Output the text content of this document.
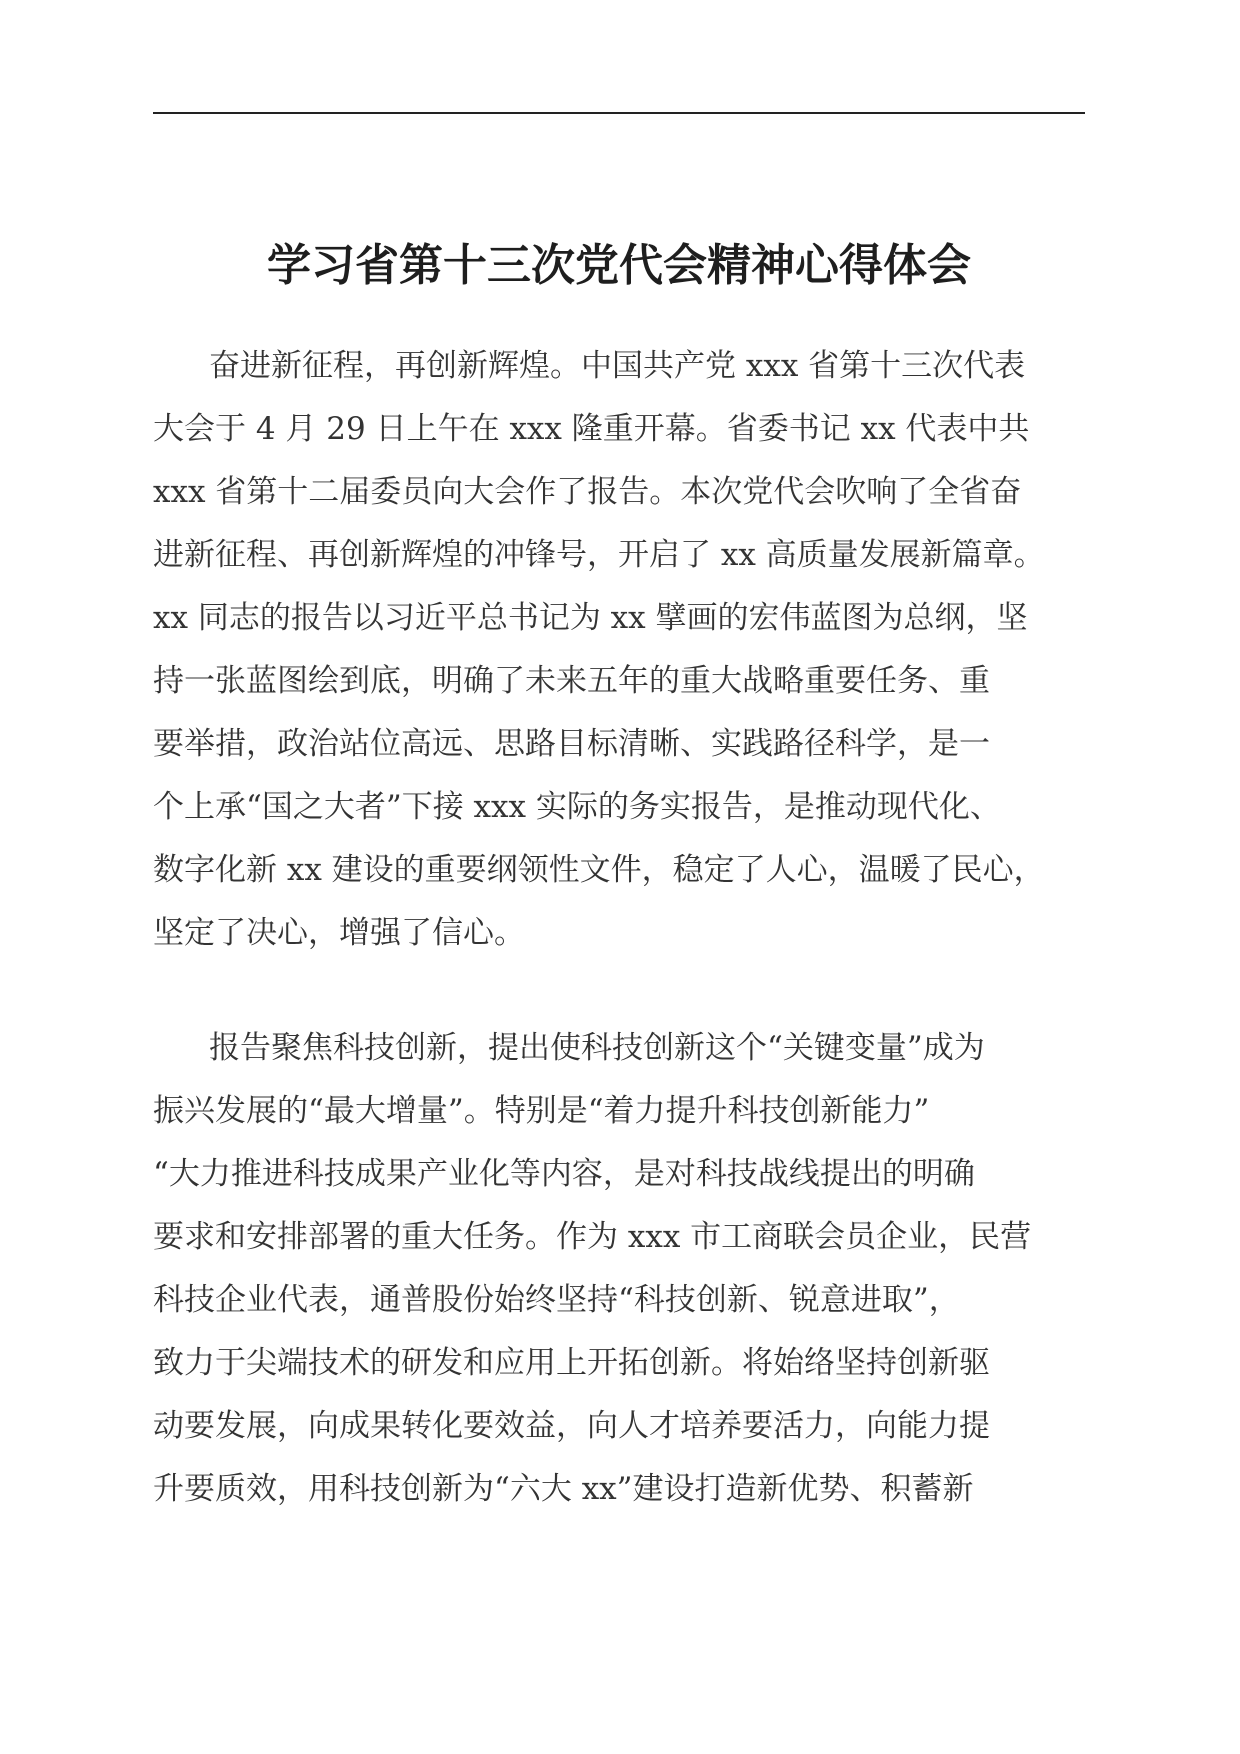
学习省第十三次党代会精神心得体会
奋进新征程，再创新辉煌。中国共产党 xxx 省第十三次代表
大会于 4 月 29 日上午在 xxx 隆重开幕。省委书记 xx 代表中共
xxx 省第十二届委员向大会作了报告。本次党代会吹响了全省奋
进新征程、再创新辉煌的冲锋号，开启了 xx 高质量发展新篇章。
xx 同志的报告以习近平总书记为 xx 擘画的宏伟蓝图为总纲，坚
持一张蓝图绘到底，明确了未来五年的重大战略重要任务、重
要举措，政治站位高远、思路目标清晰、实践路径科学，是一
个上承“国之大者”下接 xxx 实际的务实报告，是推动现代化、
数字化新 xx 建设的重要纲领性文件，稳定了人心，温暖了民心，
坚定了决心，增强了信心。
报告聚焦科技创新，提出使科技创新这个“关键变量”成为
振兴发展的“最大增量”。特别是“着力提升科技创新能力”
“大力推进科技成果产业化等内容，是对科技战线提出的明确
要求和安排部署的重大任务。作为 xxx 市工商联会员企业，民营
科技企业代表，通普股份始终坚持“科技创新、锐意进取”，
致力于尖端技术的研发和应用上开拓创新。将始络坚持创新驱
动要发展，向成果转化要效益，向人才培养要活力，向能力提
升要质效，用科技创新为“六大 xx”建设打造新优势、积蓄新
